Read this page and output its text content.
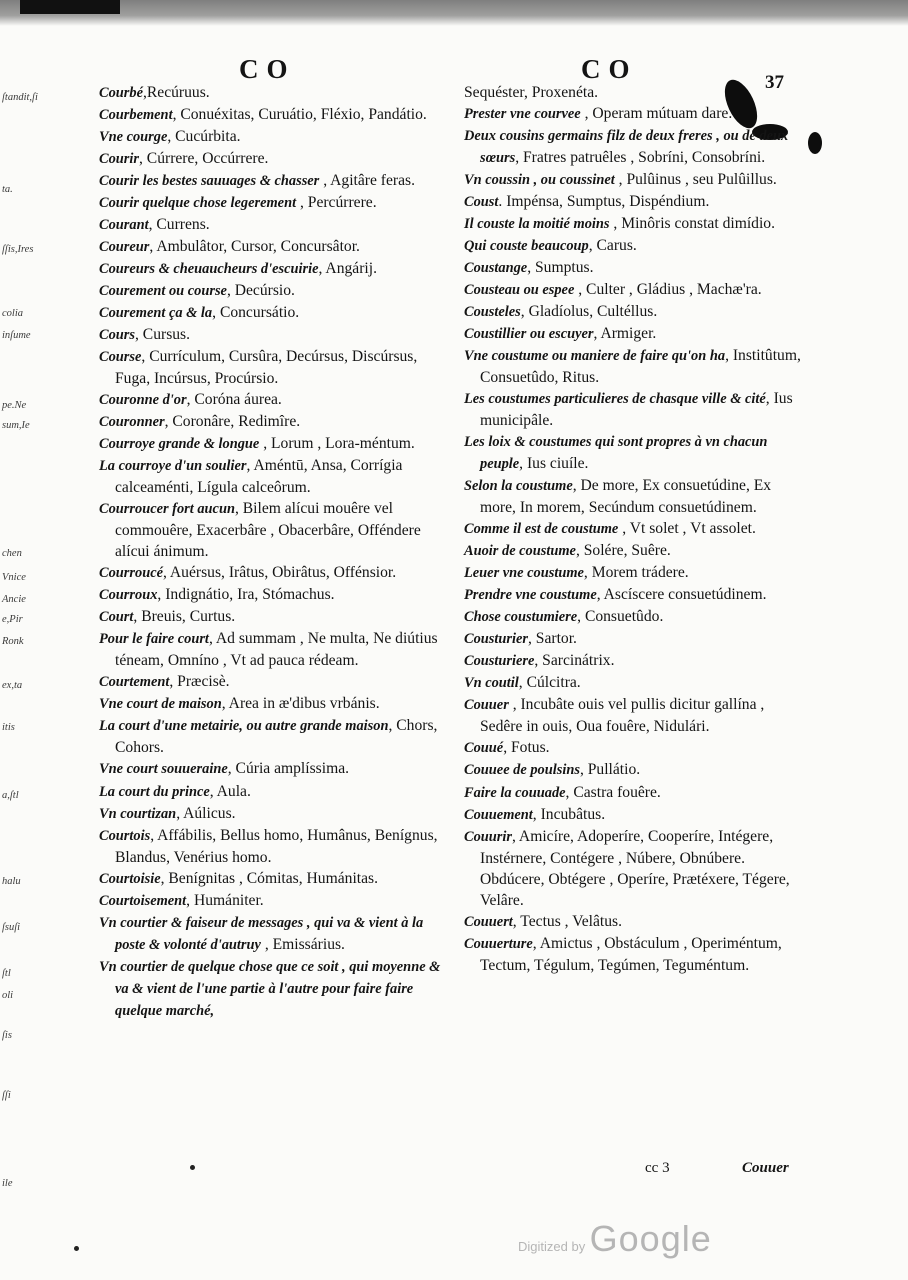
CO	CO	37
ſtandit,ſi
ta.
ſſis,Ires
colia
inſume
pe.Ne
sum,Ie
chen
Vnice
Ancie
e,Pir
Ronk
ex,ta
itis
a,ſtl
halu
ſsuſi
ſtl
oli
ſis
ſſi
ile

Courbé,Recúruus.

Courbement, Conuéxitas, Curuátio, Fléxio, Pandátio.

Vne courge, Cucúrbita.

Courir, Cúrrere, Occúrrere.

Courir les bestes sauuages & chasser , Agitâre feras.

Courir quelque chose legerement , Percúrrere.

Courant, Currens.

Coureur, Ambulâtor, Cursor, Concursâtor.

Coureurs & cheuaucheurs d'escuirie, Angárij.

Courement ou course, Decúrsio.

Courement ça & la, Concursátio.

Cours, Cursus.

Course, Currículum, Cursûra, Decúrsus, Discúrsus, Fuga, Incúrsus, Procúrsio.

Couronne d'or, Coróna áurea.

Couronner, Coronâre, Redimîre.

Courroye grande & longue , Lorum , Lora-méntum.

La courroye d'un soulier, Améntū, Ansa, Corrígia calceaménti, Lígula calceôrum.

Courroucer fort aucun, Bilem alícui mouêre vel commouêre, Exacerbâre , Obacerbâre, Offéndere alícui ánimum.

Courroucé, Auérsus, Irâtus, Obirâtus, Offénsior.

Courroux, Indignátio, Ira, Stómachus.

Court, Breuis, Curtus.

Pour le faire court, Ad summam , Ne multa, Ne diútius téneam, Omníno , Vt ad pauca rédeam.

Courtement, Præcisè.

Vne court de maison, Area in æ'dibus vrbánis.

La court d'une metairie, ou autre grande maison, Chors, Cohors.

Vne court souueraine, Cúria amplíssima.

La court du prince, Aula.

Vn courtizan, Aúlicus.

Courtois, Affábilis, Bellus homo, Humânus, Benígnus, Blandus, Venérius homo.

Courtoisie, Benígnitas , Cómitas, Humánitas.

Courtoisement, Humániter.

Vn courtier & faiseur de messages , qui va & vient à la poste & volonté d'autruy , Emissárius.

Vn courtier de quelque chose que ce soit , qui moyenne & va & vient de l'une partie à l'autre pour faire faire quelque marché,

Sequéster, Proxenéta.

Prester vne courvee , Operam mútuam dare.

Deux cousins germains filz de deux freres , ou de deux sœurs, Fratres patruêles , Sobríni, Consobríni.

Vn coussin , ou coussinet , Pulûinus , seu Pulûillus.

Coust. Impénsa, Sumptus, Dispéndium.

Il couste la moitié moins , Minôris constat dimídio.

Qui couste beaucoup, Carus.

Coustange, Sumptus.

Cousteau ou espee , Culter , Gládius , Machæ'ra.

Cousteles, Gladíolus, Cultéllus.

Coustillier ou escuyer, Armiger.

Vne coustume ou maniere de faire qu'on ha, Institûtum, Consuetûdo, Ritus.

Les coustumes particulieres de chasque ville & cité, Ius municipâle.

Les loix & coustumes qui sont propres à vn chacun peuple, Ius ciuíle.

Selon la coustume, De more, Ex consuetúdine, Ex more, In morem, Secúndum consuetúdinem.

Comme il est de coustume , Vt solet , Vt assolet.

Auoir de coustume, Solére, Suêre.

Leuer vne coustume, Morem trádere.

Prendre vne coustume, Ascíscere consuetúdinem.

Chose coustumiere, Consuetûdo.

Cousturier, Sartor.

Cousturiere, Sarcinátrix.

Vn coutil, Cúlcitra.

Couuer , Incubâte ouis vel pullis dicitur gallína , Sedêre in ouis, Oua fouêre, Nidulári.

Couué, Fotus.

Couuee de poulsins, Pullátio.

Faire la couuade, Castra fouêre.

Couuement, Incubâtus.

Couurir, Amicíre, Adoperíre, Cooperíre, Intégere, Instérnere, Contégere , Núbere, Obnúbere. Obdúcere, Obtégere , Operíre, Prætéxere, Tégere, Velâre.

Couuert, Tectus , Velâtus.

Couuerture, Amictus , Obstáculum , Operiméntum, Tectum, Tégulum, Tegúmen, Teguméntum.

cc 3	Couuer
Digitized by Google
